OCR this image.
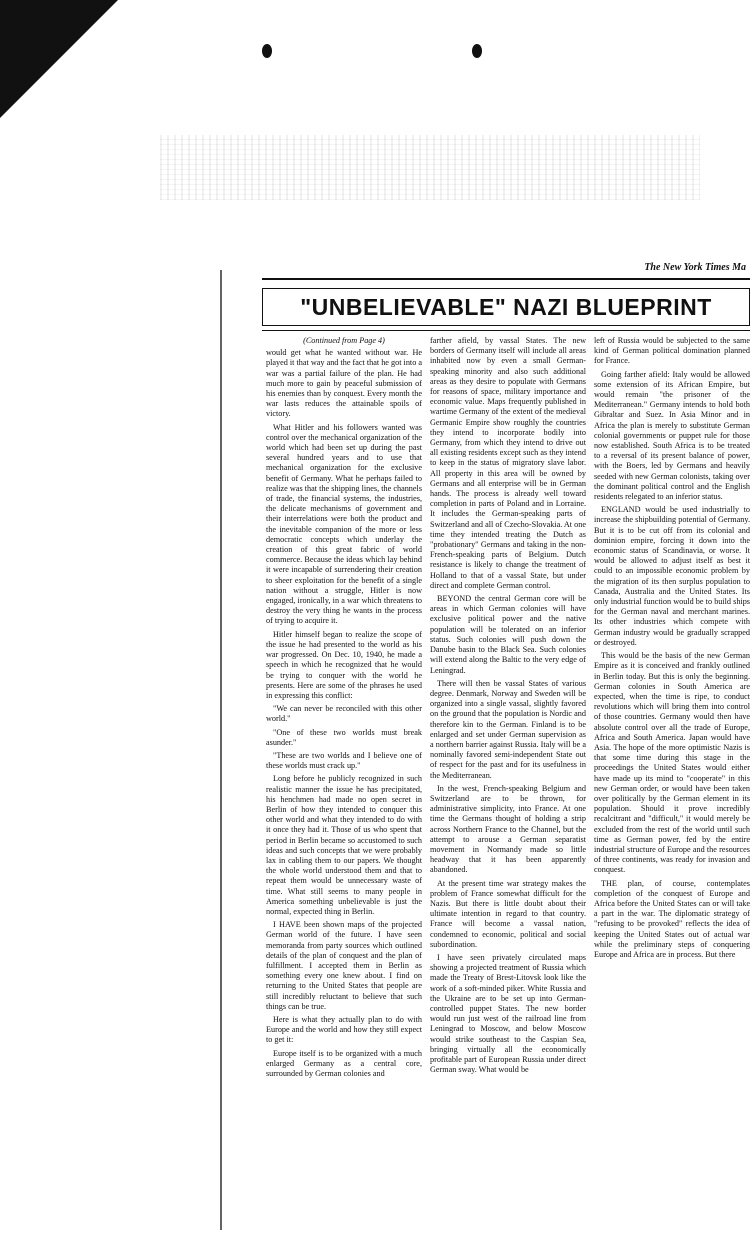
The New York Times Ma
"UNBELIEVABLE" NAZI BLUEPRINT
(Continued from Page 4)

would get what he wanted without war. He played it that way and the fact that he got into a war was a partial failure of the plan. He had much more to gain by peaceful submission of his enemies than by conquest. Every month the war lasts reduces the attainable spoils of victory.

What Hitler and his followers wanted was control over the mechanical organization of the world which had been set up during the past several hundred years and to use that mechanical organization for the exclusive benefit of Germany. What he perhaps failed to realize was that the shipping lines, the channels of trade, the financial systems, the industries, the delicate mechanisms of government and their interrelations were both the product and the inevitable companion of the more or less democratic concepts which underlay the creation of this great fabric of world commerce. Because the ideas which lay behind it were incapable of surrendering their creation to sheer exploitation for the benefit of a single nation without a struggle, Hitler is now engaged, ironically, in a war which threatens to destroy the very thing he wants in the process of trying to acquire it.

Hitler himself began to realize the scope of the issue he had presented to the world as his war progressed. On Dec. 10, 1940, he made a speech in which he recognized that he would be trying to conquer with the world he presents. Here are some of the phrases he used in expressing this conflict:

"We can never be reconciled with this other world."

"One of these two worlds must break asunder."

"These are two worlds and I believe one of these worlds must crack up."

Long before he publicly recognized in such realistic manner the issue he has precipitated, his henchmen had made no open secret in Berlin of how they intended to conquer this other world and what they intended to do with it once they had it. Those of us who spent that period in Berlin became so accustomed to such ideas and such concepts that we were probably lax in cabling them to our papers. We thought the whole world understood them and that to repeat them would be unnecessary waste of time. What still seems to many people in America something unbelievable is just the normal, expected thing in Berlin.

I HAVE been shown maps of the projected German world of the future. I have seen memoranda from party sources which outlined details of the plan of conquest and the plan of fulfillment. I accepted them in Berlin as something every one knew about. I find on returning to the United States that people are still incredibly reluctant to believe that such things can be true.

Here is what they actually plan to do with Europe and the world and how they still expect to get it:

Europe itself is to be organized with a much enlarged Germany as a central core, surrounded by German colonies and

farther afield, by vassal States. The new borders of Germany itself will include all areas inhabited now by even a small German-speaking minority and also such additional areas as they desire to populate with Germans for reasons of space, military importance and economic value. Maps frequently published in wartime Germany of the extent of the medieval Germanic Empire show roughly the countries they intend to incorporate bodily into Germany, from which they intend to drive out all existing residents except such as they intend to keep in the status of migratory slave labor. All property in this area will be owned by Germans and all enterprise will be in German hands. The process is already well toward completion in parts of Poland and in Lorraine. It includes the German-speaking parts of Switzerland and all of Czecho-Slovakia. At one time they intended treating the Dutch as "probationary" Germans and taking in the non-French-speaking parts of Belgium. Dutch resistance is likely to change the treatment of Holland to that of a vassal State, but under direct and complete German control.

BEYOND the central German core will be areas in which German colonies will have exclusive political power and the native population will be tolerated on an inferior status. Such colonies will push down the Danube basin to the Black Sea. Such colonies will extend along the Baltic to the very edge of Leningrad.

There will then be vassal States of various degree. Denmark, Norway and Sweden will be organized into a single vassal, slightly favored on the ground that the population is Nordic and therefore kin to the German. Finland is to be enlarged and set under German supervision as a northern barrier against Russia. Italy will be a nominally favored semi-independent State out of respect for the past and for its usefulness in the Mediterranean.

In the west, French-speaking Belgium and Switzerland are to be thrown, for administrative simplicity, into France. At one time the Germans thought of holding a strip across Northern France to the Channel, but the attempt to arouse a German separatist movement in Normandy made so little headway that it has been apparently abandoned.

At the present time war strategy makes the problem of France somewhat difficult for the Nazis. But there is little doubt about their ultimate intention in regard to that country. France will become a vassal nation, condemned to economic, political and social subordination.

I have seen privately circulated maps showing a projected treatment of Russia which made the Treaty of Brest-Litovsk look like the work of a soft-minded piker. White Russia and the Ukraine are to be set up into German-controlled puppet States. The new border would run just west of the railroad line from Leningrad to Moscow, and below Moscow would strike southeast to the Caspian Sea, bringing virtually all the economically profitable part of European Russia under direct German sway. What would be

left of Russia would be subjected to the same kind of German political domination planned for France.

Going farther afield: Italy would be allowed some extension of its African Empire, but would remain "the prisoner of the Mediterranean." Germany intends to hold both Gibraltar and Suez. In Asia Minor and in Africa the plan is merely to substitute German colonial governments or puppet rule for those now established. South Africa is to be treated to a reversal of its present balance of power, with the Boers, led by Germans and heavily seeded with new German colonists, taking over the dominant political control and the English residents relegated to an inferior status.

ENGLAND would be used industrially to increase the shipbuilding potential of Germany. But it is to be cut off from its colonial and dominion empire, forcing it down into the economic status of Scandinavia, or worse. It would be allowed to adjust itself as best it could to an impossible economic problem by the migration of its then surplus population to Canada, Australia and the United States. Its only industrial function would be to build ships for the German naval and merchant marines. Its other industries which compete with German industry would be gradually scrapped or destroyed.

This would be the basis of the new German Empire as it is conceived and frankly outlined in Berlin today. But this is only the beginning. German colonies in South America are expected, when the time is ripe, to conduct revolutions which will bring them into control of those countries. Germany would then have absolute control over all the trade of Europe, Africa and South America. Japan would have Asia. The hope of the more optimistic Nazis is that some time during this stage in the proceedings the United States would either have made up its mind to "cooperate" in this new German order, or would have been taken over politically by the German element in its population. Should it prove incredibly recalcitrant and "difficult," it would merely be excluded from the rest of the world until such time as German power, fed by the entire industrial structure of Europe and the resources of three continents, was ready for invasion and conquest.

THE plan, of course, contemplates completion of the conquest of Europe and Africa before the United States can or will take a part in the war. The diplomatic strategy of "refusing to be provoked" reflects the idea of keeping the United States out of actual war while the preliminary steps of conquering Europe and Africa are in process. But there
